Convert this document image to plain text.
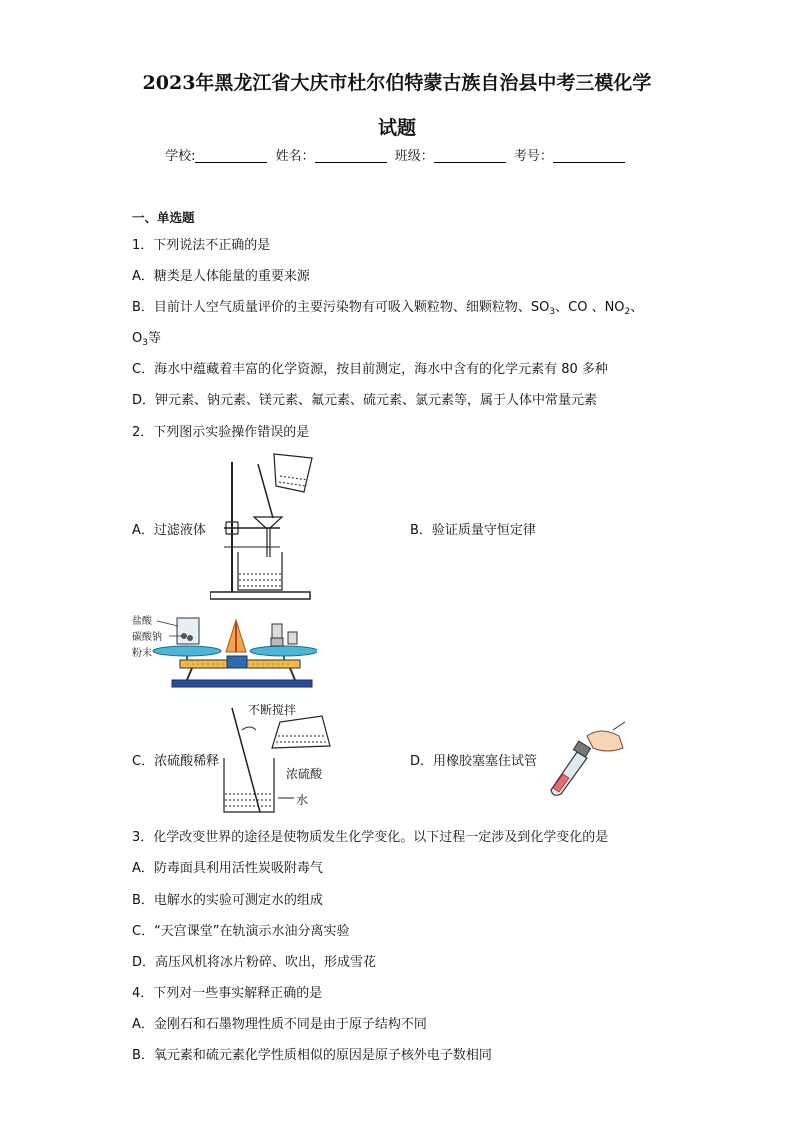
2023年黑龙江省大庆市杜尔伯特蒙古族自治县中考三模化学
试题
学校:	姓名：	班级：	考号：
一、单选题
1．下列说法不正确的是
A．糖类是人体能量的重要来源
B．目前计人空气质量评价的主要污染物有可吸入颗粒物、细颗粒物、$SO_3$、CO 、$NO_2$、
$O_3$等
C．海水中蕴藏着丰富的化学资源，按目前测定，海水中含有的化学元素有 80 多种
D．钾元素、钠元素、镁元素、氟元素、硫元素、氯元素等，属于人体中常量元素
2．下列图示实验操作错误的是
A．过滤液体	B．验证质量守恒定律
盐酸
碳酸钠
粉末
不断搅拌
浓硫酸
水
C．浓硫酸稀释	D．用橡胶塞塞住试管
3．化学改变世界的途径是使物质发生化学变化。以下过程一定涉及到化学变化的是
A．防毒面具利用活性炭吸附毒气
B．电解水的实验可测定水的组成
C．“天宫课堂”在轨演示水油分离实验
D．高压风机将冰片粉碎、吹出，形成雪花
4．下列对一些事实解释正确的是
A．金刚石和石墨物理性质不同是由于原子结构不同
B．氧元素和硫元素化学性质相似的原因是原子核外电子数相同
